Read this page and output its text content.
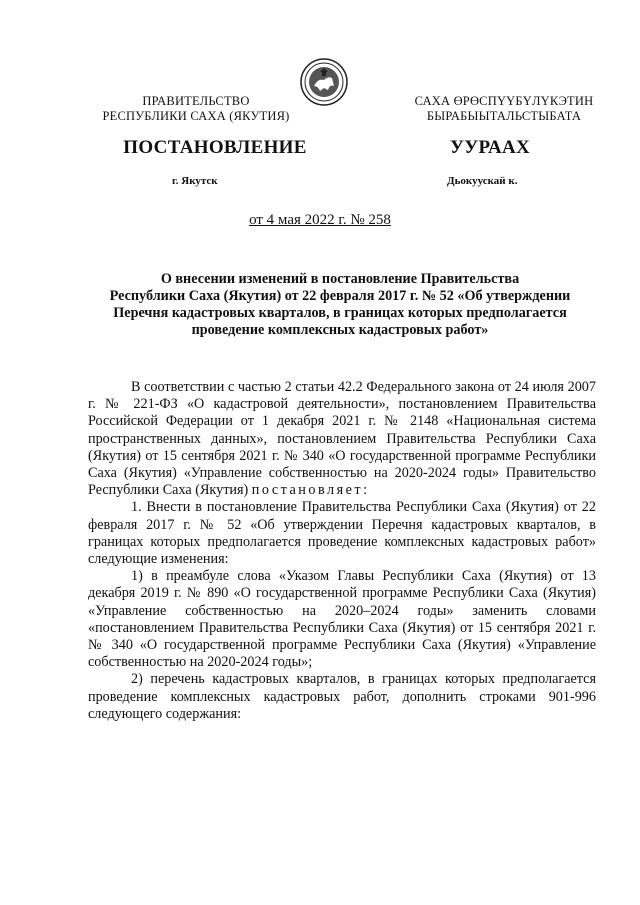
ПРАВИТЕЛЬСТВО
РЕСПУБЛИКИ САХА (ЯКУТИЯ)
САХА ӨРӨСПҮҮБҮЛҮКЭТИН
БЫРАБЫЫТАЛЬСТЫБАТА
ПОСТАНОВЛЕНИЕ	УУРААХ
г. Якутск	Дьокуускай к.
от 4 мая 2022 г. № 258
О внесении изменений в постановление Правительства
Республики Саха (Якутия) от 22 февраля 2017 г. № 52 «Об утверждении
Перечня кадастровых кварталов, в границах которых предполагается
проведение комплексных кадастровых работ»

В соответствии с частью 2 статьи 42.2 Федерального закона от 24 июля 2007 г. № 221-ФЗ «О кадастровой деятельности», постановлением Правительства Российской Федерации от 1 декабря 2021 г. № 2148 «Национальная система пространственных данных», постановлением Правительства Республики Саха (Якутия) от 15 сентября 2021 г. № 340 «О государственной программе Республики Саха (Якутия) «Управление собственностью на 2020-2024 годы» Правительство Республики Саха (Якутия) постановляет:

1. Внести в постановление Правительства Республики Саха (Якутия) от 22 февраля 2017 г. № 52 «Об утверждении Перечня кадастровых кварталов, в границах которых предполагается проведение комплексных кадастровых работ» следующие изменения:

1) в преамбуле слова «Указом Главы Республики Саха (Якутия) от 13 декабря 2019 г. № 890 «О государственной программе Республики Саха (Якутия) «Управление собственностью на 2020–2024 годы» заменить словами «постановлением Правительства Республики Саха (Якутия) от 15 сентября 2021 г. № 340 «О государственной программе Республики Саха (Якутия) «Управление собственностью на 2020-2024 годы»;

2) перечень кадастровых кварталов, в границах которых предполагается проведение комплексных кадастровых работ, дополнить строками 901-996 следующего содержания:
